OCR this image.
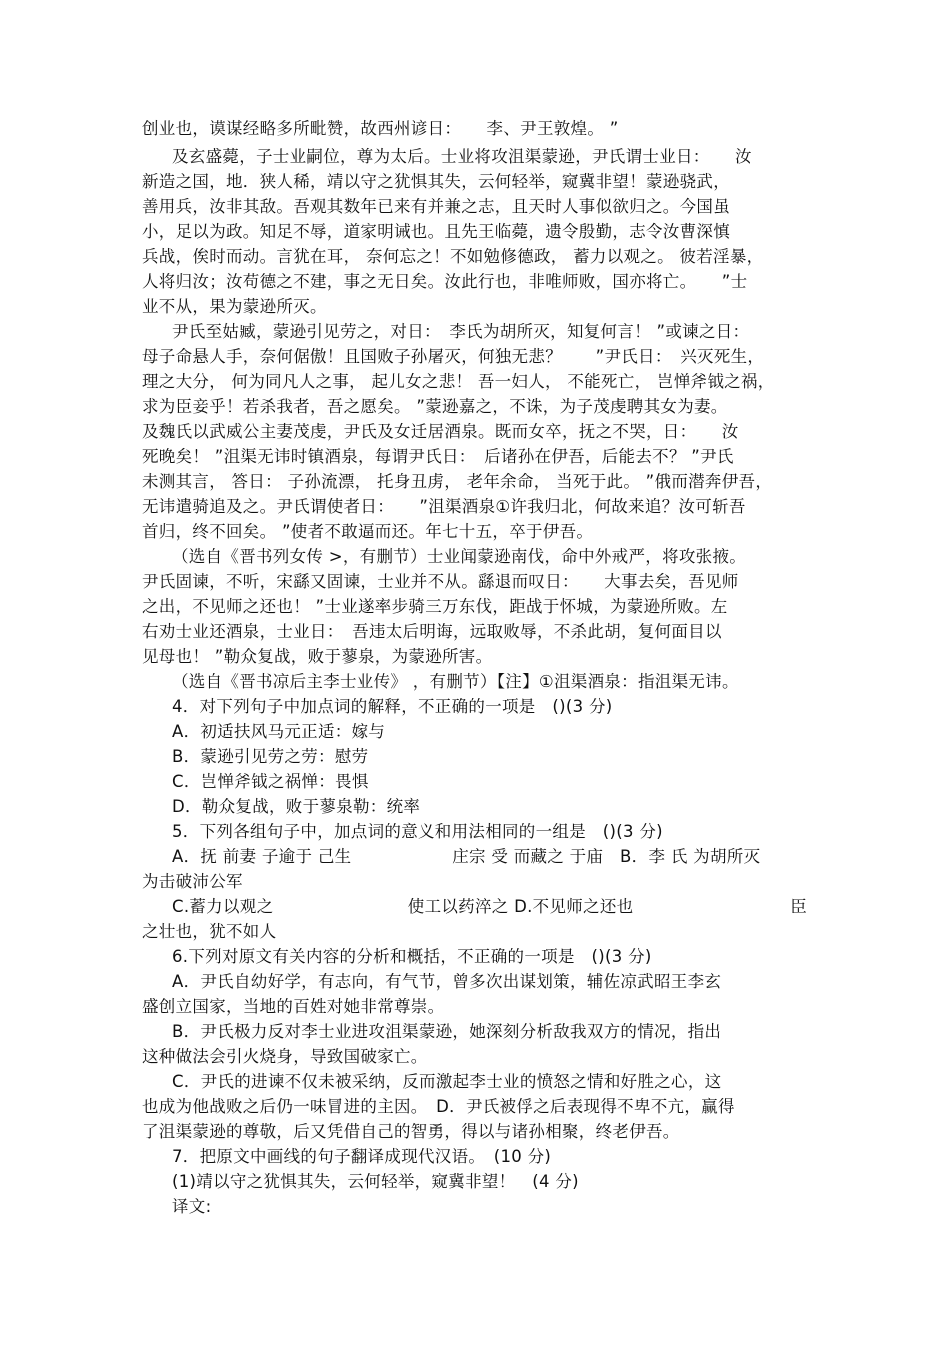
创业也，谟谋经略多所毗赞，故西州谚日：　　李、尹王敦煌。 ”
及玄盛薨，子士业嗣位，尊为太后。士业将攻沮渠蒙逊，尹氏谓士业日：　　汝
新造之国，地．狭人稀，靖以守之犹惧其失，云何轻举，窥冀非望！蒙逊骁武，
善用兵，汝非其敌。吾观其数年已来有并兼之志，且天时人事似欲归之。今国虽
小，足以为政。知足不辱，道家明诫也。且先王临薨，遗令殷勤，志令汝曹深慎
兵战，俟时而动。言犹在耳， 奈何忘之！不如勉修德政， 蓄力以观之。 彼若淫暴，
人将归汝；汝苟德之不建，事之无日矣。汝此行也，非唯师败，国亦将亡。　　”士
业不从，果为蒙逊所灭。
尹氏至姑臧，蒙逊引见劳之，对日：　李氏为胡所灭，知复何言！ ”或谏之日：
母子命悬人手，奈何倨傲！且国败子孙屠灭，何独无悲？　　”尹氏日：　兴灭死生，
理之大分， 何为同凡人之事， 起儿女之悲！ 吾一妇人， 不能死亡， 岂惮斧钺之祸，
求为臣妾乎！若杀我者，吾之愿矣。 ”蒙逊嘉之，不诛，为子茂虔聘其女为妻。
及魏氏以武威公主妻茂虔，尹氏及女迁居酒泉。既而女卒，抚之不哭，日：　　汝
死晚矣！ ”沮渠无讳时镇酒泉，每谓尹氏日：　后诸孙在伊吾，后能去不？ ”尹氏
未测其言， 答日： 子孙流漂， 托身丑虏， 老年余命， 当死于此。 ”俄而潜奔伊吾，
无讳遣骑追及之。尹氏谓使者日：　　”沮渠酒泉①许我归北，何故来追？汝可斩吾
首归，终不回矣。 ”使者不敢逼而还。年七十五，卒于伊吾。
（选自《晋书列女传 >，有删节）士业闻蒙逊南伐，命中外戒严，将攻张掖。
尹氏固谏，不听，宋繇又固谏，士业并不从。繇退而叹日：　　大事去矣，吾见师
之出，不见师之还也！ ”士业遂率步骑三万东伐，距战于怀城，为蒙逊所败。左
右劝士业还酒泉，士业日：　吾违太后明诲，远取败辱，不杀此胡，复何面目以
见母也！ ”勒众复战，败于蓼泉，为蒙逊所害。
（选自《晋书凉后主李士业传》 ，有删节）【注】①沮渠酒泉：指沮渠无讳。
4．对下列句子中加点词的解释，不正确的一项是　()(3 分)
A．初适扶风马元正适：嫁与
B．蒙逊引见劳之劳：慰劳
C．岂惮斧钺之祸惮：畏惧
D．勒众复战，败于蓼泉勒：统率
5．下列各组句子中，加点词的意义和用法相同的一组是　()(3 分)
A．抚 前妻 子逾于 己生　　　　　　庄宗 受 而藏之 于庙　B．李 氏 为胡所灭
为击破沛公军
C.蓄力以观之　　　　　　　　使工以药淬之 D.不见师之还也　　　　　　　　　 臣
之壮也，犹不如人
6.下列对原文有关内容的分析和概括，不正确的一项是　()(3 分)
A．尹氏自幼好学，有志向，有气节，曾多次出谋划策，辅佐凉武昭王李玄
盛创立国家，当地的百姓对她非常尊崇。
B．尹氏极力反对李士业进攻沮渠蒙逊，她深刻分析敌我双方的情况，指出
这种做法会引火烧身，导致国破家亡。
C．尹氏的进谏不仅未被采纳，反而激起李士业的愤怒之情和好胜之心，这
也成为他战败之后仍一味冒进的主因。　D．尹氏被俘之后表现得不卑不亢，赢得
了沮渠蒙逊的尊敬，后又凭借自己的智勇，得以与诸孙相聚，终老伊吾。
7．把原文中画线的句子翻译成现代汉语。　(10 分)
(1)靖以守之犹惧其失，云何轻举，窥冀非望！　(4 分)
译文:
